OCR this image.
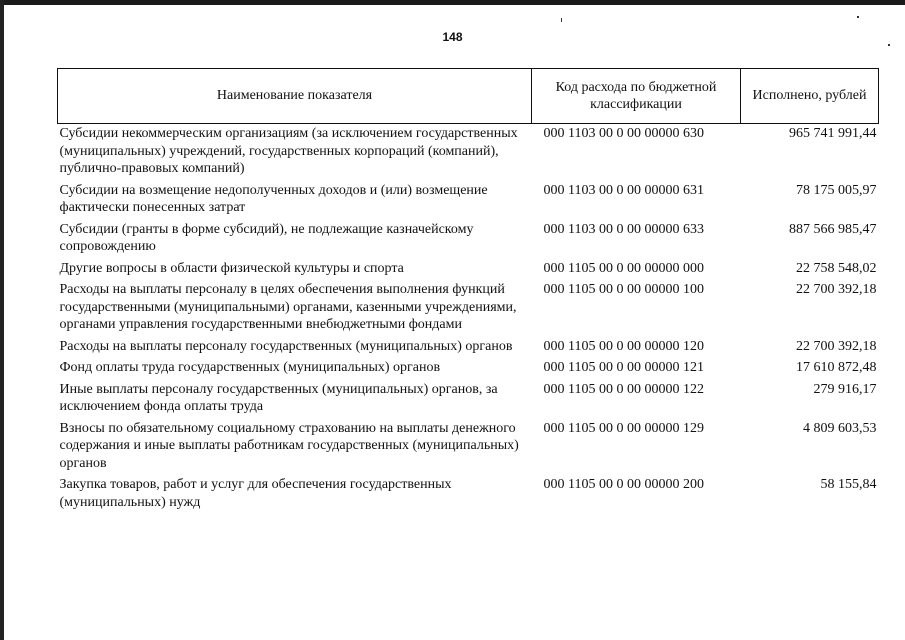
148
Наименование показателя	Код расхода по бюджетной классификации	Исполнено, рублей
Субсидии некоммерческим организациям (за исключением государственных (муниципальных) учреждений, государственных корпораций (компаний), публично-правовых компаний)	000 1103 00 0 00 00000 630	965 741 991,44
Субсидии на возмещение недополученных доходов и (или) возмещение фактически понесенных затрат	000 1103 00 0 00 00000 631	78 175 005,97
Субсидии (гранты в форме субсидий), не подлежащие казначейскому сопровождению	000 1103 00 0 00 00000 633	887 566 985,47
Другие вопросы в области физической культуры и спорта	000 1105 00 0 00 00000 000	22 758 548,02
Расходы на выплаты персоналу в целях обеспечения выполнения функций государственными (муниципальными) органами, казенными учреждениями, органами управления государственными внебюджетными фондами	000 1105 00 0 00 00000 100	22 700 392,18
Расходы на выплаты персоналу государственных (муниципальных) органов	000 1105 00 0 00 00000 120	22 700 392,18
Фонд оплаты труда государственных (муниципальных) органов	000 1105 00 0 00 00000 121	17 610 872,48
Иные выплаты персоналу государственных (муниципальных) органов, за исключением фонда оплаты труда	000 1105 00 0 00 00000 122	279 916,17
Взносы по обязательному социальному страхованию на выплаты денежного содержания и иные выплаты работникам государственных (муниципальных) органов	000 1105 00 0 00 00000 129	4 809 603,53
Закупка товаров, работ и услуг для обеспечения государственных (муниципальных) нужд	000 1105 00 0 00 00000 200	58 155,84
